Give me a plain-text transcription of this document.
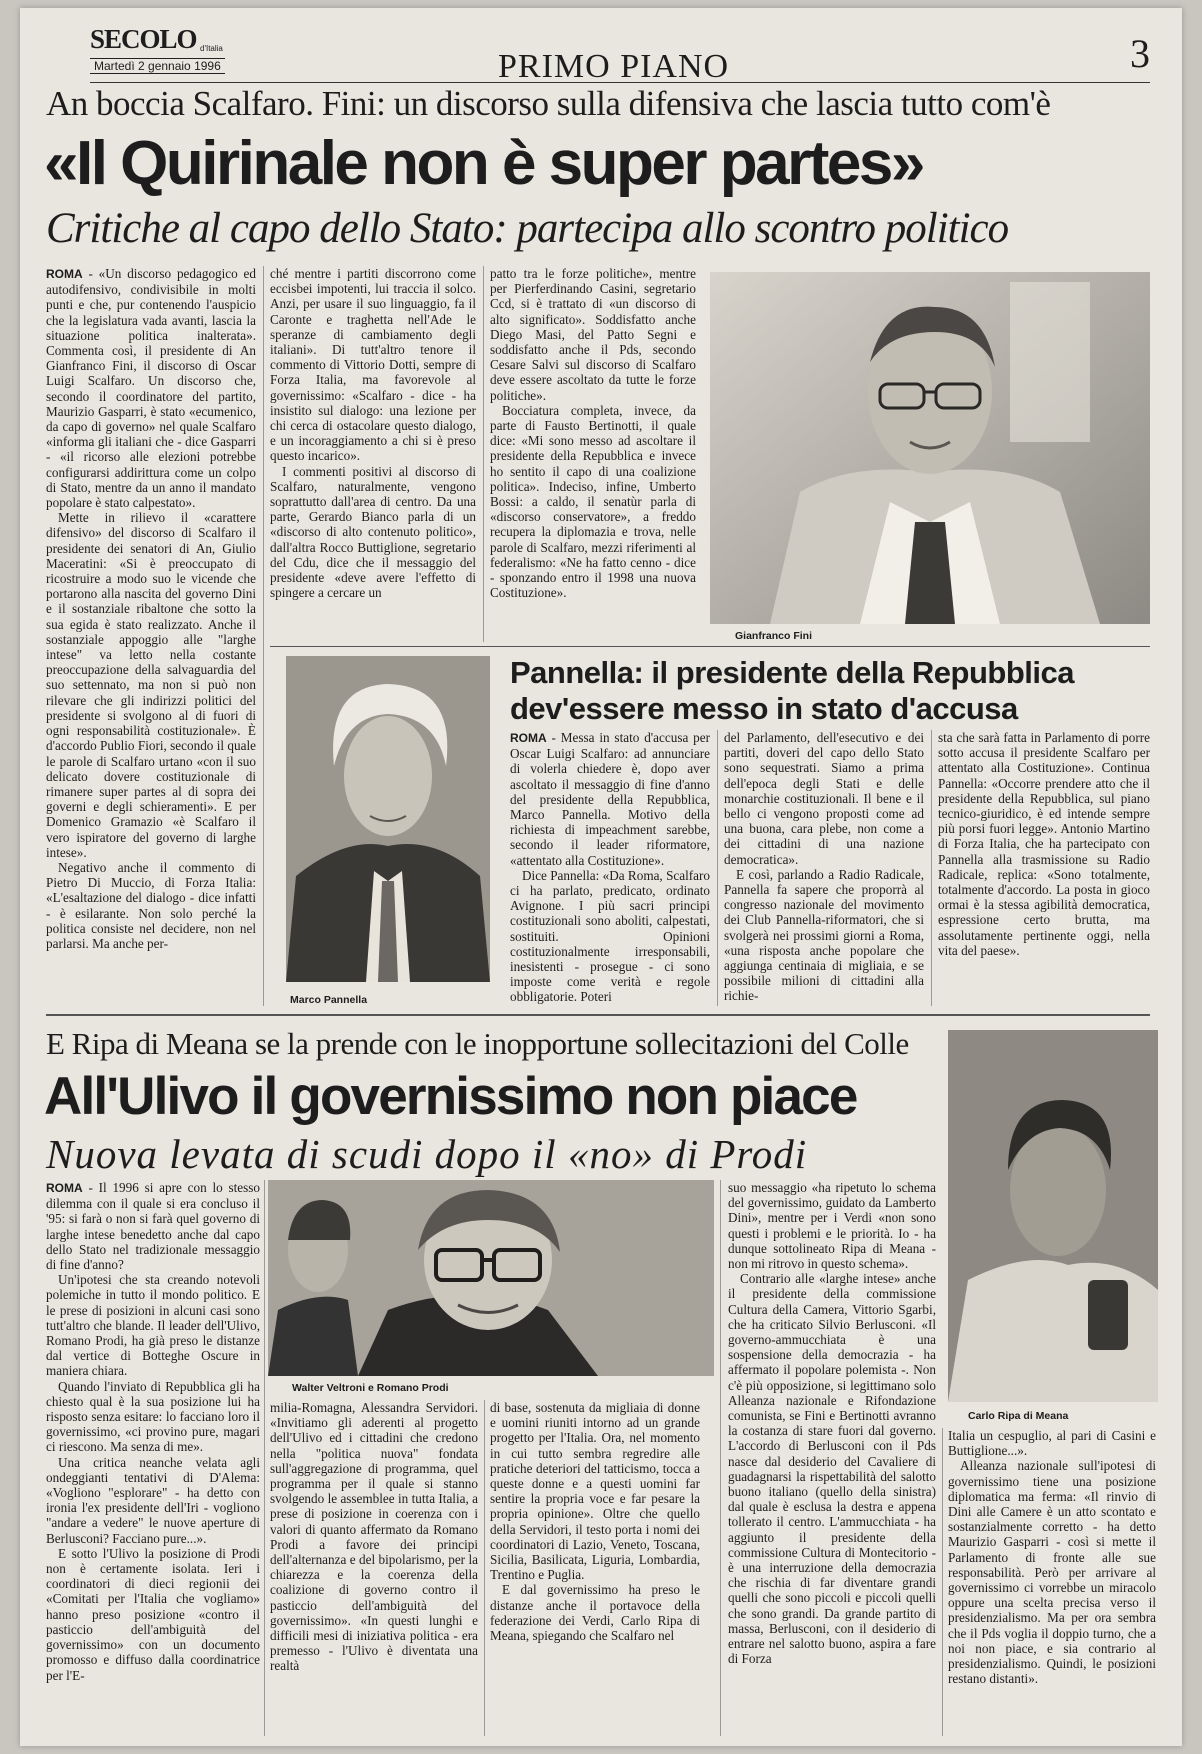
SECOLO d'Italia
Martedì 2 gennaio 1996	PRIMO PIANO	3
An boccia Scalfaro. Fini: un discorso sulla difensiva che lascia tutto com'è
«Il Quirinale non è super partes»
Critiche al capo dello Stato: partecipa allo scontro politico

ROMA - «Un discorso pedagogico ed autodifensivo, condivisibile in molti punti e che, pur contenendo l'auspicio che la legislatura vada avanti, lascia la situazione politica inalterata». Commenta così, il presidente di An Gianfranco Fini, il discorso di Oscar Luigi Scalfaro. Un discorso che, secondo il coordinatore del partito, Maurizio Gasparri, è stato «ecumenico, da capo di governo» nel quale Scalfaro «informa gli italiani che - dice Gasparri - «il ricorso alle elezioni potrebbe configurarsi addirittura come un colpo di Stato, mentre da un anno il mandato popolare è stato calpestato».

Mette in rilievo il «carattere difensivo» del discorso di Scalfaro il presidente dei senatori di An, Giulio Maceratini: «Si è preoccupato di ricostruire a modo suo le vicende che portarono alla nascita del governo Dini e il sostanziale ribaltone che sotto la sua egida è stato realizzato. Anche il sostanziale appoggio alle "larghe intese" va letto nella costante preoccupazione della salvaguardia del suo settennato, ma non si può non rilevare che gli indirizzi politici del presidente si svolgono al di fuori di ogni responsabilità costituzionale». È d'accordo Publio Fiori, secondo il quale le parole di Scalfaro urtano «con il suo delicato dovere costituzionale di rimanere super partes al di sopra dei governi e degli schieramenti». E per Domenico Gramazio «è Scalfaro il vero ispiratore del governo di larghe intese».

Negativo anche il commento di Pietro Di Muccio, di Forza Italia: «L'esaltazione del dialogo - dice infatti - è esilarante. Non solo perché la politica consiste nel decidere, non nel parlarsi. Ma anche per-

ché mentre i partiti discorrono come eccisbei impotenti, lui traccia il solco. Anzi, per usare il suo linguaggio, fa il Caronte e traghetta nell'Ade le speranze di cambiamento degli italiani». Di tutt'altro tenore il commento di Vittorio Dotti, sempre di Forza Italia, ma favorevole al governissimo: «Scalfaro - dice - ha insistito sul dialogo: una lezione per chi cerca di ostacolare questo dialogo, e un incoraggiamento a chi si è preso questo incarico».

I commenti positivi al discorso di Scalfaro, naturalmente, vengono soprattutto dall'area di centro. Da una parte, Gerardo Bianco parla di un «discorso di alto contenuto politico», dall'altra Rocco Buttiglione, segretario del Cdu, dice che il messaggio del presidente «deve avere l'effetto di spingere a cercare un

patto tra le forze politiche», mentre per Pierferdinando Casini, segretario Ccd, si è trattato di «un discorso di alto significato». Soddisfatto anche Diego Masi, del Patto Segni e soddisfatto anche il Pds, secondo Cesare Salvi sul discorso di Scalfaro deve essere ascoltato da tutte le forze politiche».

Bocciatura completa, invece, da parte di Fausto Bertinotti, il quale dice: «Mi sono messo ad ascoltare il presidente della Repubblica e invece ho sentito il capo di una coalizione politica». Indeciso, infine, Umberto Bossi: a caldo, il senatùr parla di «discorso conservatore», a freddo recupera la diplomazia e trova, nelle parole di Scalfaro, mezzi riferimenti al federalismo: «Ne ha fatto cenno - dice - sponzando entro il 1998 una nuova Costituzione».

Gianfranco Fini
Marco Pannella
Pannella: il presidente della Repubblica
dev'essere messo in stato d'accusa

ROMA - Messa in stato d'accusa per Oscar Luigi Scalfaro: ad annunciare di volerla chiedere è, dopo aver ascoltato il messaggio di fine d'anno del presidente della Repubblica, Marco Pannella. Motivo della richiesta di impeachment sarebbe, secondo il leader riformatore, «attentato alla Costituzione».

Dice Pannella: «Da Roma, Scalfaro ci ha parlato, predicato, ordinato Avignone. I più sacri principi costituzionali sono aboliti, calpestati, sostituiti. Opinioni costituzionalmente irresponsabili, inesistenti - prosegue - ci sono imposte come verità e regole obbligatorie. Poteri

del Parlamento, dell'esecutivo e dei partiti, doveri del capo dello Stato sono sequestrati. Siamo a prima dell'epoca degli Stati e delle monarchie costituzionali. Il bene e il bello ci vengono proposti come ad una buona, cara plebe, non come a dei cittadini di una nazione democratica».

E così, parlando a Radio Radicale, Pannella fa sapere che proporrà al congresso nazionale del movimento dei Club Pannella-riformatori, che si svolgerà nei prossimi giorni a Roma, «una risposta anche popolare che aggiunga centinaia di migliaia, e se possibile milioni di cittadini alla richie-

sta che sarà fatta in Parlamento di porre sotto accusa il presidente Scalfaro per attentato alla Costituzione». Continua Pannella: «Occorre prendere atto che il presidente della Repubblica, sul piano tecnico-giuridico, è ed intende sempre più porsi fuori legge». Antonio Martino di Forza Italia, che ha partecipato con Pannella alla trasmissione su Radio Radicale, replica: «Sono totalmente, totalmente d'accordo. La posta in gioco ormai è la stessa agibilità democratica, espressione certo brutta, ma assolutamente pertinente oggi, nella vita del paese».

E Ripa di Meana se la prende con le inopportune sollecitazioni del Colle
All'Ulivo il governissimo non piace
Nuova levata di scudi dopo il «no» di Prodi
Carlo Ripa di Meana
Walter Veltroni e Romano Prodi

ROMA - Il 1996 si apre con lo stesso dilemma con il quale si era concluso il '95: si farà o non si farà quel governo di larghe intese benedetto anche dal capo dello Stato nel tradizionale messaggio di fine d'anno?

Un'ipotesi che sta creando notevoli polemiche in tutto il mondo politico. E le prese di posizioni in alcuni casi sono tutt'altro che blande. Il leader dell'Ulivo, Romano Prodi, ha già preso le distanze dal vertice di Botteghe Oscure in maniera chiara.

Quando l'inviato di Repubblica gli ha chiesto qual è la sua posizione lui ha risposto senza esitare: lo facciano loro il governissimo, «ci provino pure, magari ci riescono. Ma senza di me».

Una critica neanche velata agli ondeggianti tentativi di D'Alema: «Vogliono "esplorare" - ha detto con ironia l'ex presidente dell'Iri - vogliono "andare a vedere" le nuove aperture di Berlusconi? Facciano pure...».

E sotto l'Ulivo la posizione di Prodi non è certamente isolata. Ieri i coordinatori di dieci regionii dei «Comitati per l'Italia che vogliamo» hanno preso posizione «contro il pasticcio dell'ambiguità del governissimo» con un documento promosso e diffuso dalla coordinatrice per l'E-

milia-Romagna, Alessandra Servidori. «Invitiamo gli aderenti al progetto dell'Ulivo ed i cittadini che credono nella "politica nuova" fondata sull'aggregazione di programma, quel programma per il quale si stanno svolgendo le assemblee in tutta Italia, a prese di posizione in coerenza con i valori di quanto affermato da Romano Prodi a favore dei principi dell'alternanza e del bipolarismo, per la chiarezza e la coerenza della coalizione di governo contro il pasticcio dell'ambiguità del governissimo». «In questi lunghi e difficili mesi di iniziativa politica - era premesso - l'Ulivo è diventata una realtà

di base, sostenuta da migliaia di donne e uomini riuniti intorno ad un grande progetto per l'Italia. Ora, nel momento in cui tutto sembra regredire alle pratiche deteriori del tatticismo, tocca a queste donne e a questi uomini far sentire la propria voce e far pesare la propria opinione». Oltre che quello della Servidori, il testo porta i nomi dei coordinatori di Lazio, Veneto, Toscana, Sicilia, Basilicata, Liguria, Lombardia, Trentino e Puglia.

E dal governissimo ha preso le distanze anche il portavoce della federazione dei Verdi, Carlo Ripa di Meana, spiegando che Scalfaro nel

suo messaggio «ha ripetuto lo schema del governissimo, guidato da Lamberto Dini», mentre per i Verdi «non sono questi i problemi e le priorità. Io - ha dunque sottolineato Ripa di Meana - non mi ritrovo in questo schema».

Contrario alle «larghe intese» anche il presidente della commissione Cultura della Camera, Vittorio Sgarbi, che ha criticato Silvio Berlusconi. «Il governo-ammucchiata è una sospensione della democrazia - ha affermato il popolare polemista -. Non c'è più opposizione, si legittimano solo Alleanza nazionale e Rifondazione comunista, se Fini e Bertinotti avranno la costanza di stare fuori dal governo. L'accordo di Berlusconi con il Pds nasce dal desiderio del Cavaliere di guadagnarsi la rispettabilità del salotto buono italiano (quello della sinistra) dal quale è esclusa la destra e appena tollerato il centro. L'ammucchiata - ha aggiunto il presidente della commissione Cultura di Montecitorio - è una interruzione della democrazia che rischia di far diventare grandi quelli che sono piccoli e piccoli quelli che sono grandi. Da grande partito di massa, Berlusconi, con il desiderio di entrare nel salotto buono, aspira a fare di Forza

Italia un cespuglio, al pari di Casini e Buttiglione...».

Alleanza nazionale sull'ipotesi di governissimo tiene una posizione diplomatica ma ferma: «Il rinvio di Dini alle Camere è un atto scontato e sostanzialmente corretto - ha detto Maurizio Gasparri - così si mette il Parlamento di fronte alle sue responsabilità. Però per arrivare al governissimo ci vorrebbe un miracolo oppure una scelta precisa verso il presidenzialismo. Ma per ora sembra che il Pds voglia il doppio turno, che a noi non piace, e sia contrario al presidenzialismo. Quindi, le posizioni restano distanti».
